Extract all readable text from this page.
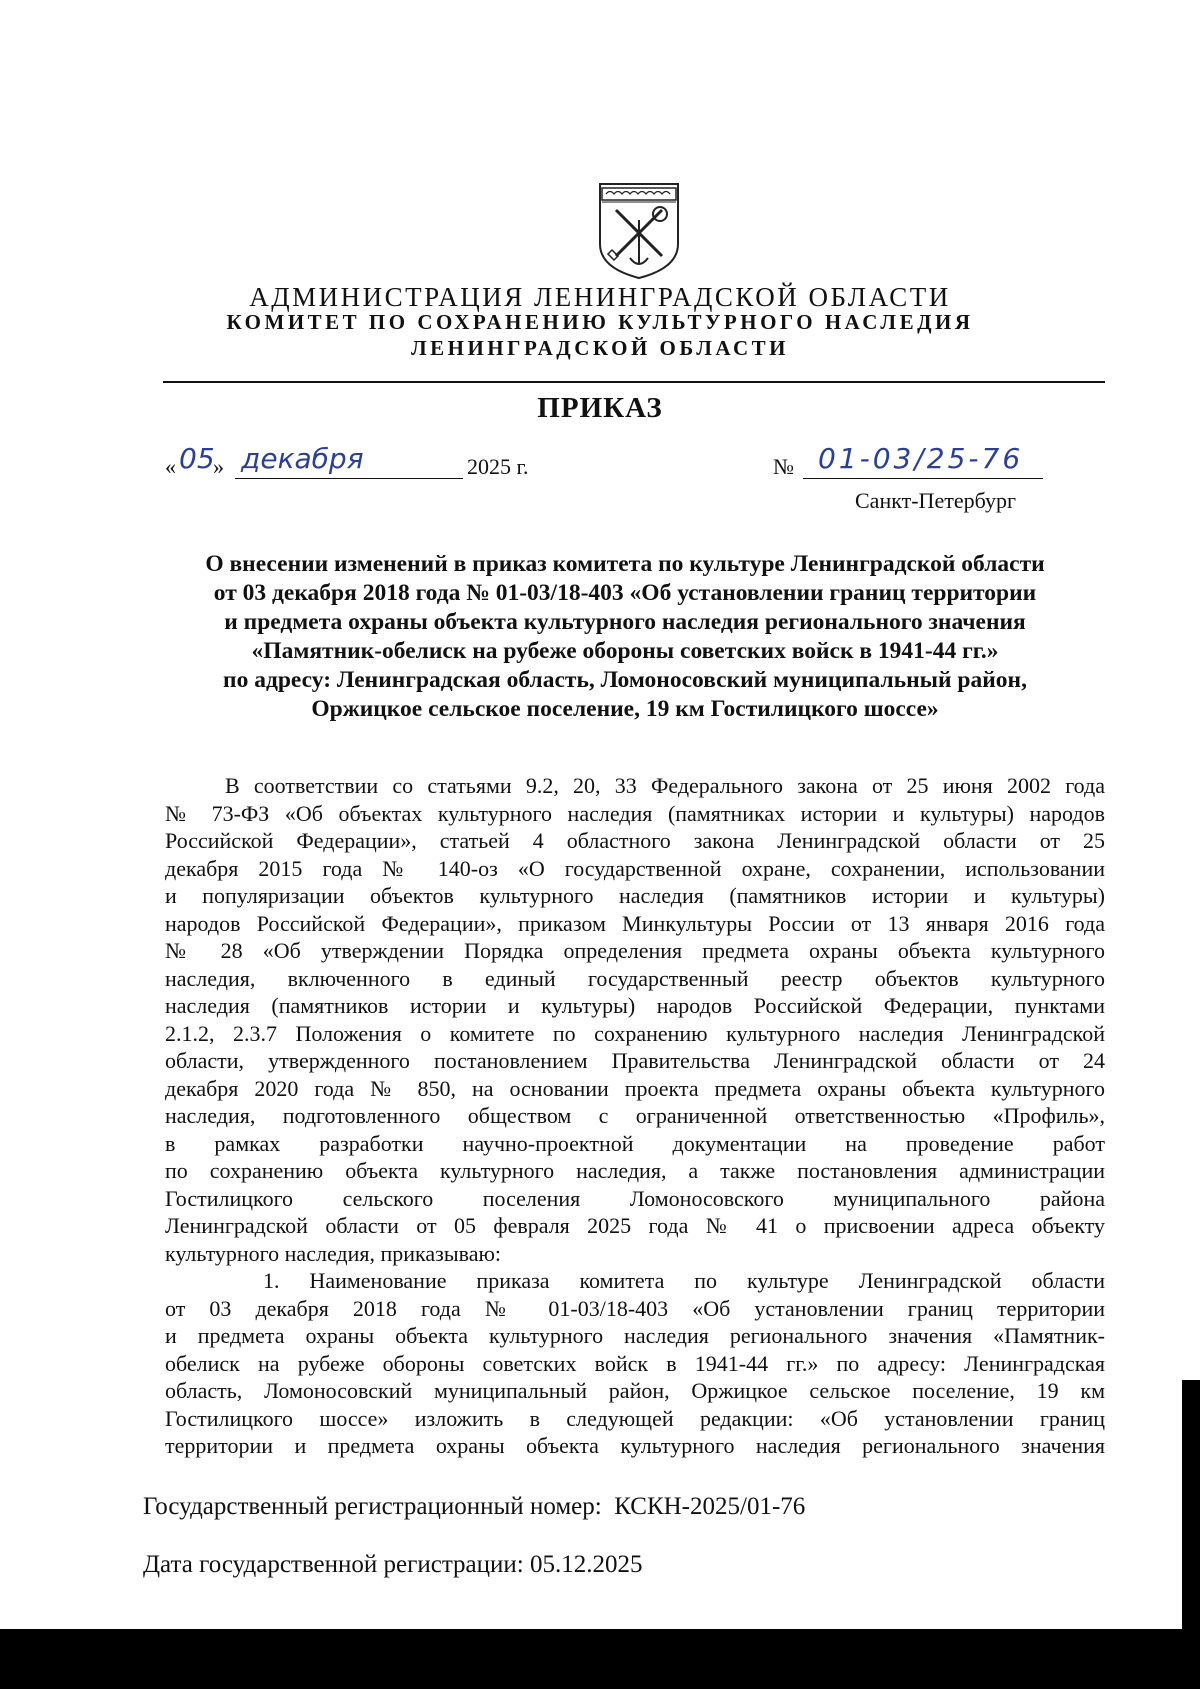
АДМИНИСТРАЦИЯ ЛЕНИНГРАДСКОЙ ОБЛАСТИ
КОМИТЕТ ПО СОХРАНЕНИЮ КУЛЬТУРНОГО НАСЛЕДИЯ
ЛЕНИНГРАДСКОЙ ОБЛАСТИ
ПРИКАЗ
« 05
» декабря	2025 г.	№ 01-03/25-76
Санкт-Петербург
О внесении изменений в приказ комитета по культуре Ленинградской области
от 03 декабря 2018 года № 01-03/18-403 «Об установлении границ территории
и предмета охраны объекта культурного наследия регионального значения
«Памятник-обелиск на рубеже обороны советских войск в 1941-44 гг.»
по адресу: Ленинградская область, Ломоносовский муниципальный район,
Оржицкое сельское поселение, 19 км Гостилицкого шоссе»
В соответствии со статьями 9.2, 20, 33 Федерального закона от 25 июня 2002 года
№ 73-ФЗ «Об объектах культурного наследия (памятниках истории и культуры) народов
Российской Федерации», статьей 4 областного закона Ленинградской области от 25
декабря 2015 года № 140-оз «О государственной охране, сохранении, использовании
и популяризации объектов культурного наследия (памятников истории и культуры)
народов Российской Федерации», приказом Минкультуры России от 13 января 2016 года
№ 28 «Об утверждении Порядка определения предмета охраны объекта культурного
наследия, включенного в единый государственный реестр объектов культурного
наследия (памятников истории и культуры) народов Российской Федерации, пунктами
2.1.2, 2.3.7 Положения о комитете по сохранению культурного наследия Ленинградской
области, утвержденного постановлением Правительства Ленинградской области от 24
декабря 2020 года № 850, на основании проекта предмета охраны объекта культурного
наследия, подготовленного обществом с ограниченной ответственностью «Профиль»,
в рамках разработки научно-проектной документации на проведение работ
по сохранению объекта культурного наследия, а также постановления администрации
Гостилицкого сельского поселения Ломоносовского муниципального района
Ленинградской области от 05 февраля 2025 года № 41 о присвоении адреса объекту
культурного наследия, приказываю:
1. Наименование приказа комитета по культуре Ленинградской области
от 03 декабря 2018 года № 01-03/18-403 «Об установлении границ территории
и предмета охраны объекта культурного наследия регионального значения «Памятник-
обелиск на рубеже обороны советских войск в 1941-44 гг.» по адресу: Ленинградская
область, Ломоносовский муниципальный район, Оржицкое сельское поселение, 19 км
Гостилицкого шоссе» изложить в следующей редакции: «Об установлении границ
территории и предмета охраны объекта культурного наследия регионального значения
Государственный регистрационный номер: КСКН-2025/01-76
Дата государственной регистрации: 05.12.2025
